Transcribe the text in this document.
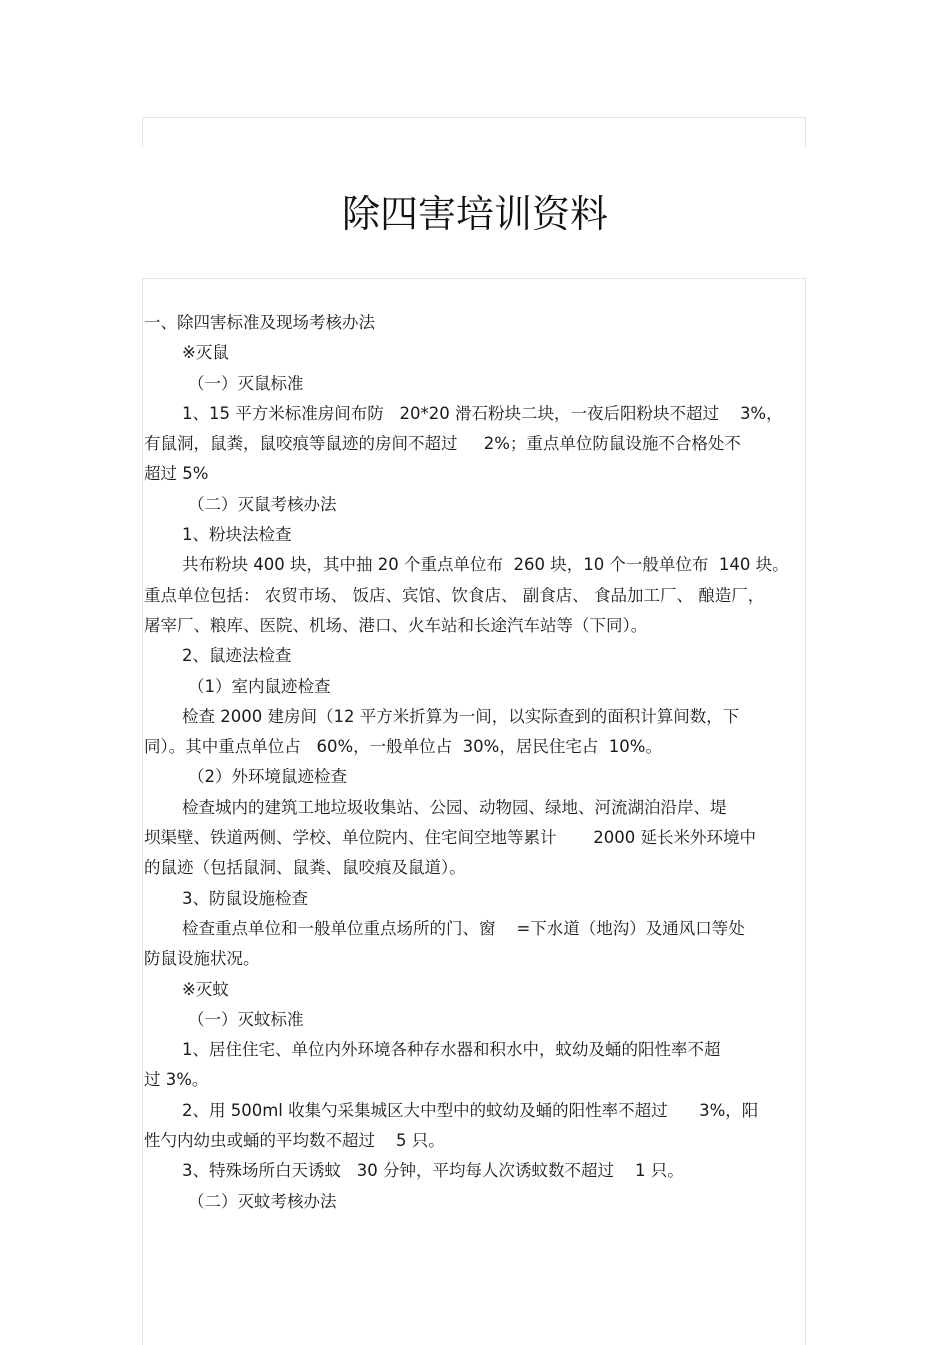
除四害培训资料
一、除四害标准及现场考核办法
※灭鼠
（一）灭鼠标准
1、15 平方米标准房间布防   20*20 滑石粉块二块，一夜后阳粉块不超过    3%，
有鼠洞，鼠粪，鼠咬痕等鼠迹的房间不超过     2%；重点单位防鼠设施不合格处不
超过 5%
（二）灭鼠考核办法
1、粉块法检查
共布粉块 400 块，其中抽 20 个重点单位布  260 块，10 个一般单位布  140 块。
重点单位包括： 农贸市场、 饭店、宾馆、饮食店、 副食店、 食品加工厂、 酿造厂，
屠宰厂、粮库、医院、机场、港口、火车站和长途汽车站等（下同）。
2、鼠迹法检查
（1）室内鼠迹检查
检查 2000 建房间（12 平方米折算为一间，以实际查到的面积计算间数，下
同）。其中重点单位占   60%，一般单位占  30%，居民住宅占  10%。
（2）外环境鼠迹检查
检查城内的建筑工地垃圾收集站、公园、动物园、绿地、河流湖泊沿岸、堤
坝渠壁、铁道两侧、学校、单位院内、住宅间空地等累计       2000 延长米外环境中
的鼠迹（包括鼠洞、鼠粪、鼠咬痕及鼠道）。
3、防鼠设施检查
检查重点单位和一般单位重点场所的门、窗    =下水道（地沟）及通风口等处
防鼠设施状况。
※灭蚊
（一）灭蚊标准
1、居住住宅、单位内外环境各种存水器和积水中，蚊幼及蛹的阳性率不超
过 3%。
2、用 500ml 收集勺采集城区大中型中的蚊幼及蛹的阳性率不超过      3%，阳
性勺内幼虫或蛹的平均数不超过    5 只。
3、特殊场所白天诱蚊   30 分钟，平均每人次诱蚊数不超过    1 只。
（二）灭蚊考核办法
